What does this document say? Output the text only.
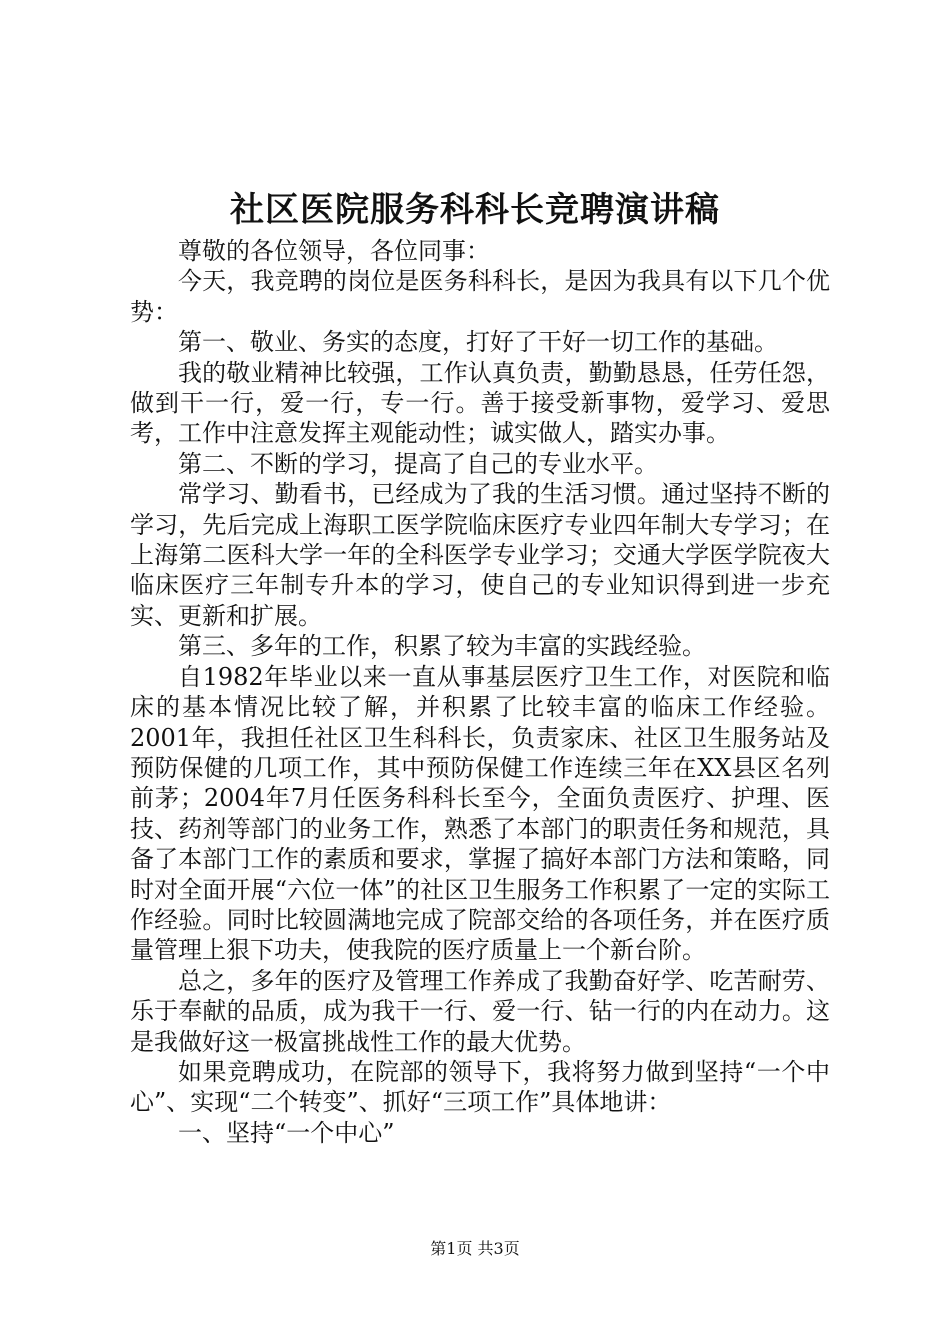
社区医院服务科科长竞聘演讲稿

尊敬的各位领导，各位同事：

今天，我竞聘的岗位是医务科科长，是因为我具有以下几个优势：

第一、敬业、务实的态度，打好了干好一切工作的基础。

我的敬业精神比较强，工作认真负责，勤勤恳恳，任劳任怨，做到干一行，爱一行，专一行。善于接受新事物，爱学习、爱思考，工作中注意发挥主观能动性；诚实做人，踏实办事。

第二、不断的学习，提高了自己的专业水平。

常学习、勤看书，已经成为了我的生活习惯。通过坚持不断的学习，先后完成上海职工医学院临床医疗专业四年制大专学习；在上海第二医科大学一年的全科医学专业学习；交通大学医学院夜大临床医疗三年制专升本的学习，使自己的专业知识得到进一步充实、更新和扩展。

第三、多年的工作，积累了较为丰富的实践经验。

自1982年毕业以来一直从事基层医疗卫生工作，对医院和临床的基本情况比较了解，并积累了比较丰富的临床工作经验。2001年，我担任社区卫生科科长，负责家床、社区卫生服务站及预防保健的几项工作，其中预防保健工作连续三年在XX县区名列前茅；2004年7月任医务科科长至今，全面负责医疗、护理、医技、药剂等部门的业务工作，熟悉了本部门的职责任务和规范，具备了本部门工作的素质和要求，掌握了搞好本部门方法和策略，同时对全面开展“六位一体”的社区卫生服务工作积累了一定的实际工作经验。同时比较圆满地完成了院部交给的各项任务，并在医疗质量管理上狠下功夫，使我院的医疗质量上一个新台阶。

总之，多年的医疗及管理工作养成了我勤奋好学、吃苦耐劳、乐于奉献的品质，成为我干一行、爱一行、钻一行的内在动力。这是我做好这一极富挑战性工作的最大优势。

如果竞聘成功，在院部的领导下，我将努力做到坚持“一个中心”、实现“二个转变”、抓好“三项工作”具体地讲：

一、坚持“一个中心”

第1页 共3页
